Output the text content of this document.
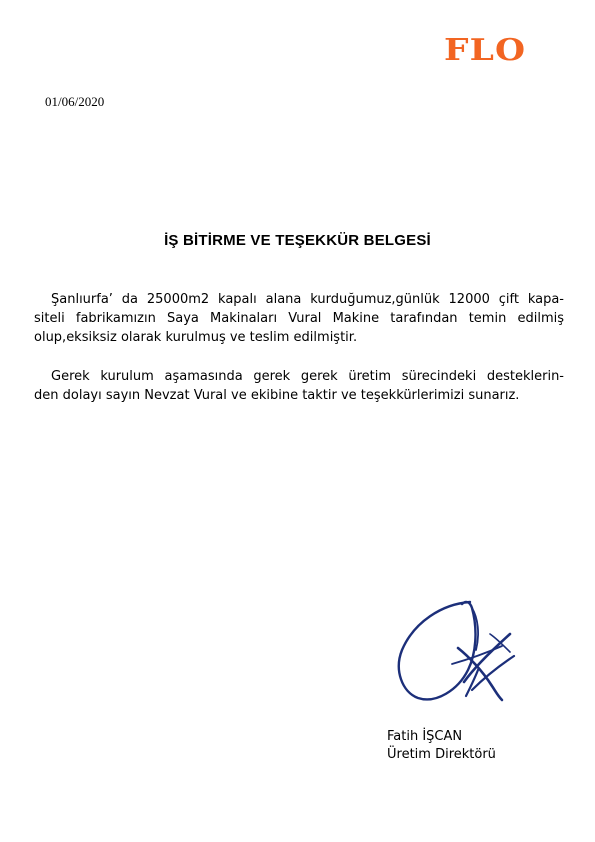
FLO
01/06/2020
İŞ BİTİRME VE TEŞEKKÜR BELGESİ

Şanlıurfa’ da 25000m2 kapalı alana kurduğumuz,günlük 12000 çift kapa-
siteli fabrikamızın Saya Makinaları Vural Makine tarafından temin edilmiş
olup,eksiksiz olarak kurulmuş ve teslim edilmiştir.

Gerek kurulum aşamasında gerek gerek üretim sürecindeki desteklerin-
den dolayı sayın Nevzat Vural ve ekibine taktir ve teşekkürlerimizi sunarız.

Fatih İŞCAN
Üretim Direktörü
